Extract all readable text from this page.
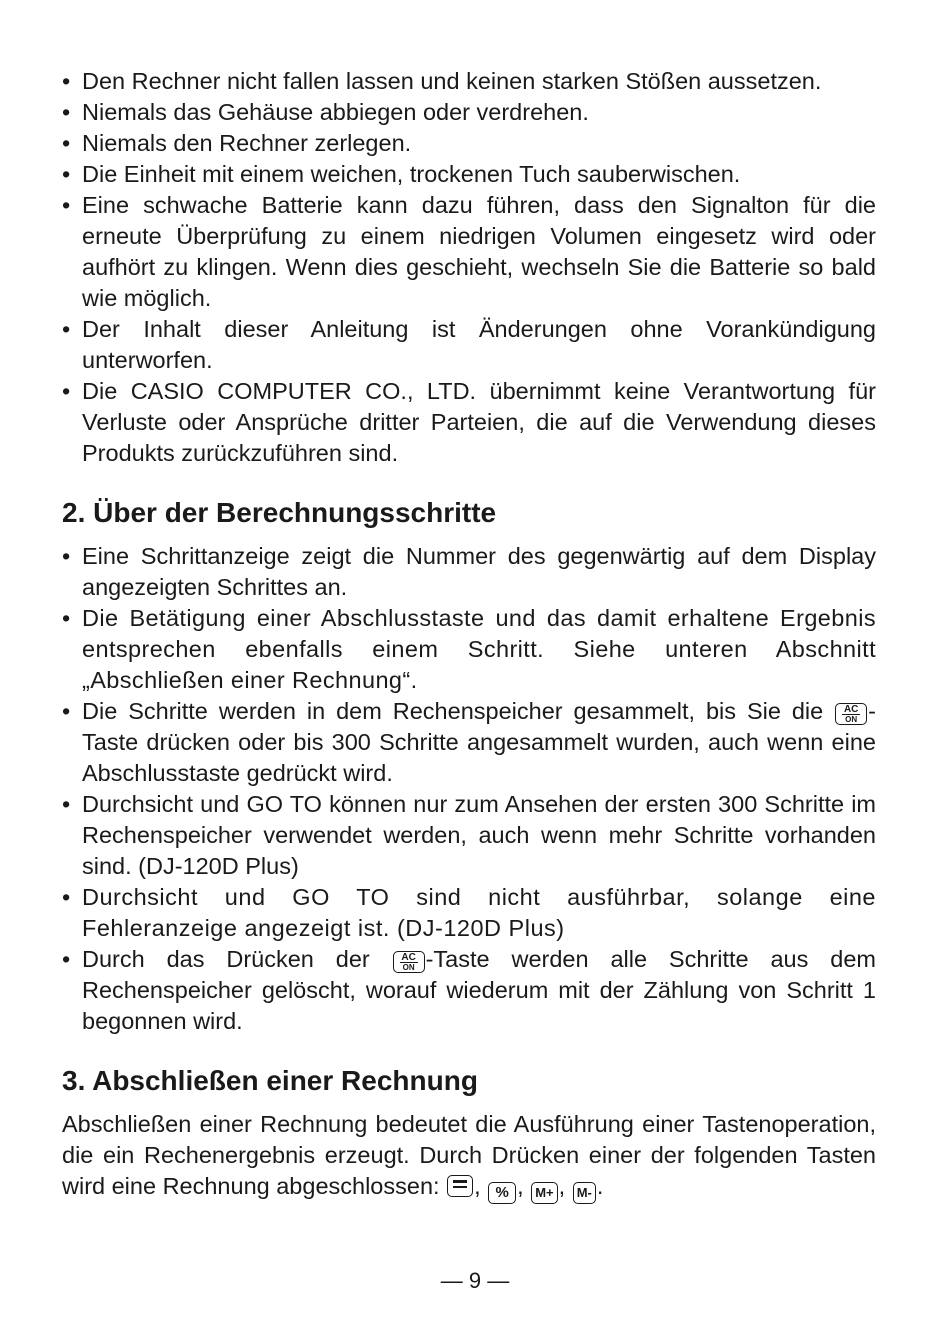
• Den Rechner nicht fallen lassen und keinen starken Stößen aussetzen.
• Niemals das Gehäuse abbiegen oder verdrehen.
• Niemals den Rechner zerlegen.
• Die Einheit mit einem weichen, trockenen Tuch sauberwischen.
• Eine schwache Batterie kann dazu führen, dass den Signalton für die erneute Überprüfung zu einem niedrigen Volumen eingesetz wird oder aufhört zu klingen. Wenn dies geschieht, wechseln Sie die Batterie so bald wie möglich.
• Der Inhalt dieser Anleitung ist Änderungen ohne Vorankündigung unterworfen.
• Die CASIO COMPUTER CO., LTD. übernimmt keine Verantwortung für Verluste oder Ansprüche dritter Parteien, die auf die Verwendung dieses Produkts zurückzuführen sind.
2. Über der Berechnungsschritte
• Eine Schrittanzeige zeigt die Nummer des gegenwärtig auf dem Display angezeigten Schrittes an.
• Die Betätigung einer Abschlusstaste und das damit erhaltene Ergebnis entsprechen ebenfalls einem Schritt. Siehe unteren Abschnitt „Abschließen einer Rechnung“.
• Die Schritte werden in dem Rechenspeicher gesammelt, bis Sie die AC
ON -Taste drücken oder bis 300 Schritte angesammelt wurden, auch wenn eine Abschlusstaste gedrückt wird.
• Durchsicht und GO TO können nur zum Ansehen der ersten 300 Schritte im Rechenspeicher verwendet werden, auch wenn mehr Schritte vorhanden sind. (DJ-120D Plus)
• Durchsicht und GO TO sind nicht ausführbar, solange eine Fehleranzeige angezeigt ist. (DJ-120D Plus)
• Durch das Drücken der AC
ON -Taste werden alle Schritte aus dem Rechenspeicher gelöscht, worauf wiederum mit der Zählung von Schritt 1 begonnen wird.
3. Abschließen einer Rechnung

Abschließen einer Rechnung bedeutet die Ausführung einer Tastenoperation, die ein Rechenergebnis erzeugt. Durch Drücken einer der folgenden Tasten wird eine Rechnung abgeschlossen:
, % , M+ , M- .

— 9 —
